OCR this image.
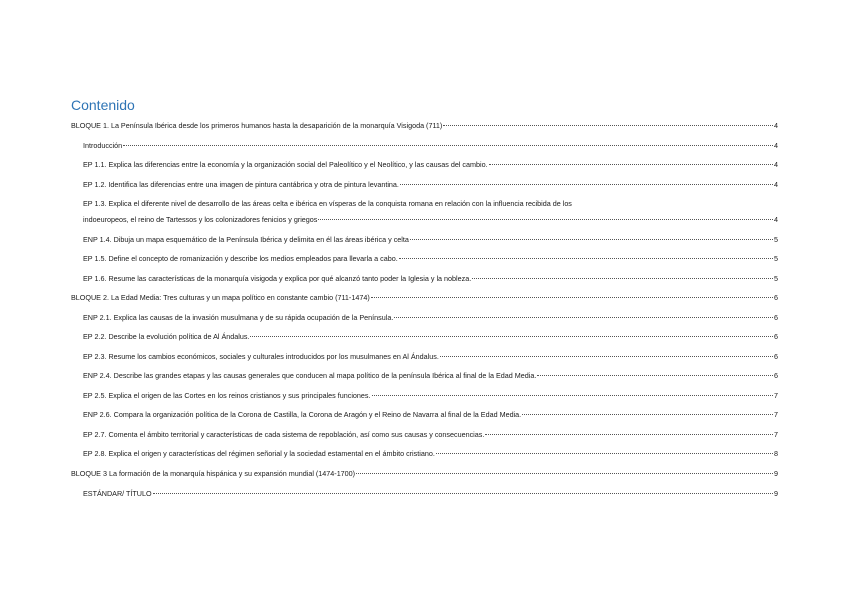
Contenido
BLOQUE 1. La Península Ibérica desde los primeros humanos hasta la desaparición de la monarquía Visigoda (711)	4
Introducción	4
EP 1.1. Explica las diferencias entre la economía y la organización social del Paleolítico y el Neolítico, y las causas del cambio.	4
EP 1.2. Identifica las diferencias entre una imagen de pintura cantábrica y otra de pintura levantina.	4
EP 1.3. Explica el diferente nivel de desarrollo de las áreas celta e ibérica en vísperas de la conquista romana en relación con la influencia recibida de los
indoeuropeos, el reino de Tartessos y los colonizadores fenicios y griegos	4
ENP 1.4. Dibuja un mapa esquemático de la Península Ibérica y delimita en él las áreas ibérica y celta	5
EP 1.5. Define el concepto de romanización y describe los medios empleados para llevarla a cabo.	5
EP 1.6. Resume las características de la monarquía visigoda y explica por qué alcanzó tanto poder la Iglesia y la nobleza.	5
BLOQUE 2. La Edad Media: Tres culturas y un mapa político en constante cambio (711-1474)	6
ENP 2.1. Explica las causas de la invasión musulmana y de su rápida ocupación de la Península.	6
EP 2.2. Describe la evolución política de Al Ándalus.	6
EP 2.3. Resume los cambios económicos, sociales y culturales introducidos por los musulmanes en Al Ándalus.	6
ENP 2.4. Describe las grandes etapas y las causas generales que conducen al mapa político de la península Ibérica al final de la Edad Media.	6
EP 2.5. Explica el origen de las Cortes en los reinos cristianos y sus principales funciones.	7
ENP 2.6. Compara la organización política de la Corona de Castilla, la Corona de Aragón y el Reino de Navarra al final de la Edad Media.	7
EP 2.7. Comenta el ámbito territorial y características de cada sistema de repoblación, así como sus causas y consecuencias.	7
EP 2.8. Explica el origen y características del régimen señorial y la sociedad estamental en el ámbito cristiano.	8
BLOQUE 3 La formación de la monarquía hispánica y su expansión mundial (1474-1700)	9
ESTÁNDAR/ TÍTULO	9
